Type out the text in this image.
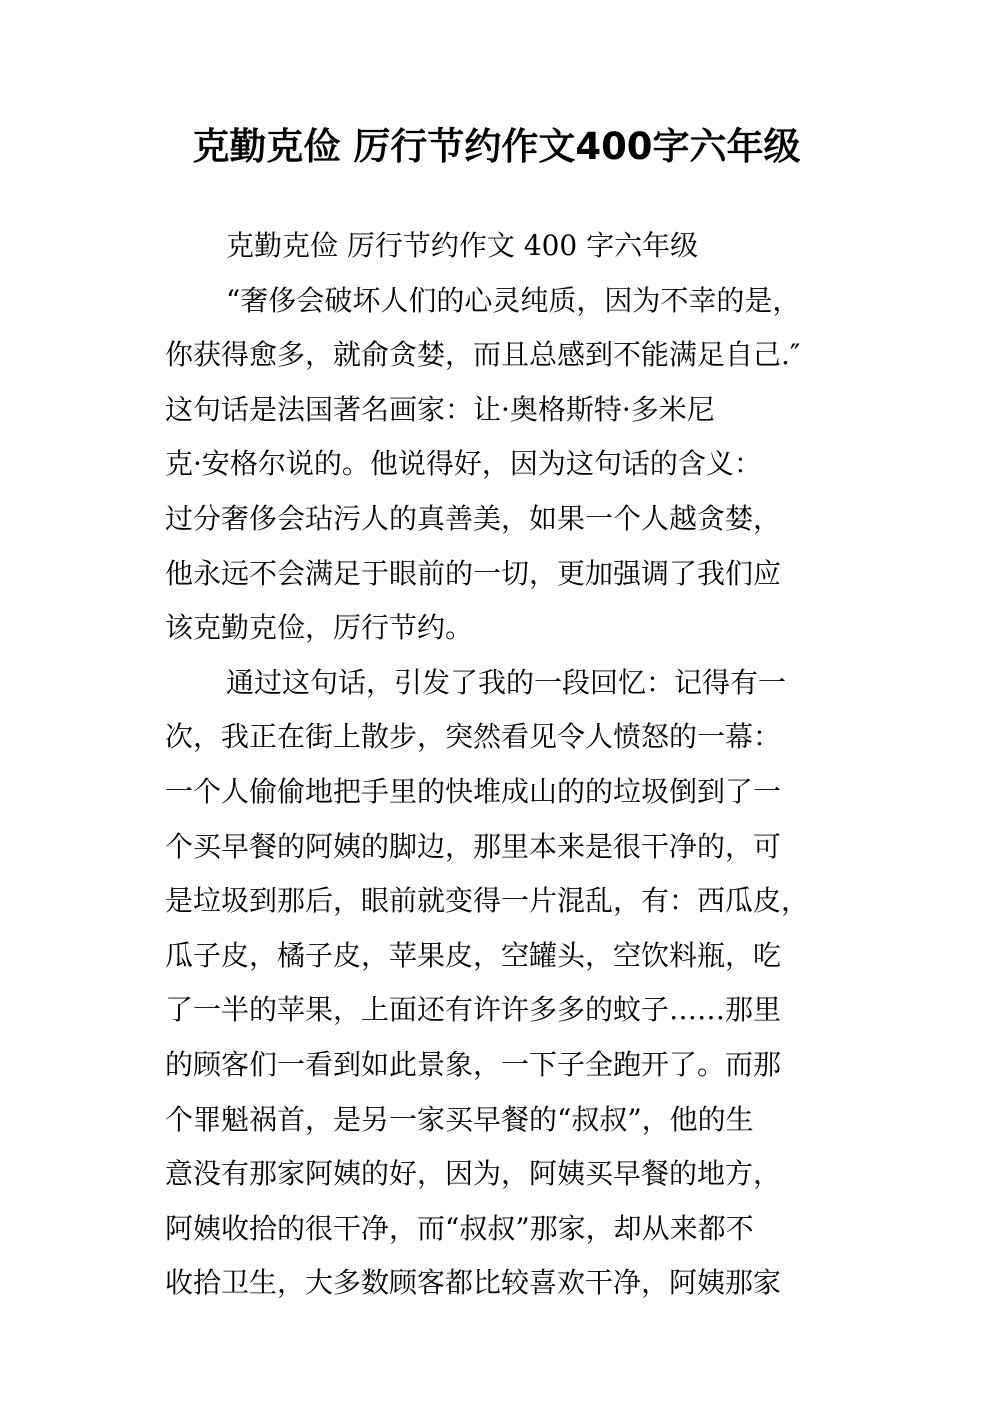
克勤克俭 厉行节约作文400字六年级
克勤克俭 厉行节约作文 400 字六年级
“奢侈会破坏人们的心灵纯质，因为不幸的是，
你获得愈多，就俞贪婪，而且总感到不能满足自己.″
这句话是法国著名画家：让·奥格斯特·多米尼
克·安格尔说的。他说得好，因为这句话的含义：
过分奢侈会玷污人的真善美，如果一个人越贪婪，
他永远不会满足于眼前的一切，更加强调了我们应
该克勤克俭，厉行节约。
通过这句话，引发了我的一段回忆：记得有一
次，我正在街上散步，突然看见令人愤怒的一幕：
一个人偷偷地把手里的快堆成山的的垃圾倒到了一
个买早餐的阿姨的脚边，那里本来是很干净的，可
是垃圾到那后，眼前就变得一片混乱，有：西瓜皮，
瓜子皮，橘子皮，苹果皮，空罐头，空饮料瓶，吃
了一半的苹果，上面还有许许多多的蚊子……那里
的顾客们一看到如此景象，一下子全跑开了。而那
个罪魁祸首，是另一家买早餐的“叔叔”，他的生
意没有那家阿姨的好，因为，阿姨买早餐的地方，
阿姨收拾的很干净，而“叔叔”那家，却从来都不
收拾卫生，大多数顾客都比较喜欢干净，阿姨那家
